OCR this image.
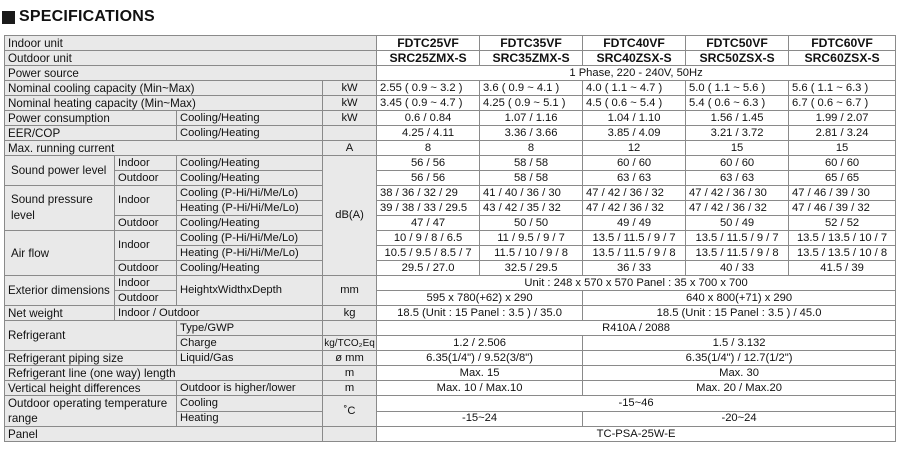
SPECIFICATIONS
Indoor unit				FDTC25VF	FDTC35VF	FDTC40VF	FDTC50VF	FDTC60VF
Outdoor unit				SRC25ZMX-S	SRC35ZMX-S	SRC40ZSX-S	SRC50ZSX-S	SRC60ZSX-S
Power source				1 Phase, 220 - 240V, 50Hz				
Nominal cooling capacity (Min~Max)			kW	2.55 ( 0.9 ~ 3.2 )	3.6 ( 0.9 ~ 4.1 )	4.0 ( 1.1 ~ 4.7 )	5.0 ( 1.1 ~ 5.6 )	5.6 ( 1.1 ~ 6.3 )
Nominal heating capacity (Min~Max)			kW	3.45 ( 0.9 ~ 4.7 )	4.25 ( 0.9 ~ 5.1 )	4.5 ( 0.6 ~ 5.4 )	5.4 ( 0.6 ~ 6.3 )	6.7 ( 0.6 ~ 6.7 )
Power consumption		Cooling/Heating	kW	0.6 / 0.84	1.07 / 1.16	1.04 / 1.10	1.56 / 1.45	1.99 / 2.07
EER/COP		Cooling/Heating		4.25 / 4.11	3.36 / 3.66	3.85 / 4.09	3.21 / 3.72	2.81 / 3.24
Max. running current			A	8	8	12	15	15
Sound power level	Indoor	Cooling/Heating	dB(A)	56 / 56	58 / 58	60 / 60	60 / 60	60 / 60
	Outdoor	Cooling/Heating		56 / 56	58 / 58	63 / 63	63 / 63	65 / 65
Sound pressure level	Indoor	Cooling (P-Hi/Hi/Me/Lo)		38 / 36 / 32 / 29	41 / 40 / 36 / 30	47 / 42 / 36 / 32	47 / 42 / 36 / 30	47 / 46 / 39 / 30
		Heating (P-Hi/Hi/Me/Lo)		39 / 38 / 33 / 29.5	43 / 42 / 35 / 32	47 / 42 / 36 / 32	47 / 42 / 36 / 32	47 / 46 / 39 / 32
	Outdoor	Cooling/Heating		47 / 47	50 / 50	49 / 49	50 / 49	52 / 52
Air flow	Indoor	Cooling (P-Hi/Hi/Me/Lo)		10 / 9 / 8 / 6.5	11 / 9.5 / 9 / 7	13.5 / 11.5 / 9 / 7	13.5 / 11.5 / 9 / 7	13.5 / 13.5 / 10 / 7
		Heating (P-Hi/Hi/Me/Lo)		10.5 / 9.5 / 8.5 / 7	11.5 / 10 / 9 / 8	13.5 / 11.5 / 9 / 8	13.5 / 11.5 / 9 / 8	13.5 / 13.5 / 10 / 8
	Outdoor	Cooling/Heating		29.5 / 27.0	32.5 / 29.5	36 / 33	40 / 33	41.5 / 39
Exterior dimensions	Indoor	HeightxWidthxDepth	mm	Unit : 248 x 570 x 570 Panel : 35 x 700 x 700				
	Outdoor			595 x 780(+62) x 290		640 x 800(+71) x 290		
Net weight	Indoor / Outdoor		kg	18.5 (Unit : 15 Panel : 3.5 ) / 35.0		18.5 (Unit : 15 Panel : 3.5 ) / 45.0		
Refrigerant		Type/GWP		R410A / 2088				
		Charge	kg/TCO₂Eq	1.2 / 2.506		1.5 / 3.132		
Refrigerant piping size		Liquid/Gas	ø mm	6.35(1/4") / 9.52(3/8")		6.35(1/4") / 12.7(1/2")		
Refrigerant line (one way) length			m	Max. 15		Max. 30		
Vertical height differences		Outdoor is higher/lower	m	Max. 10 / Max.10		Max. 20 / Max.20		
Outdoor operating temperature range		Cooling	˚C	-15~46				
		Heating		-15~24		-20~24		
Panel				TC-PSA-25W-E				
